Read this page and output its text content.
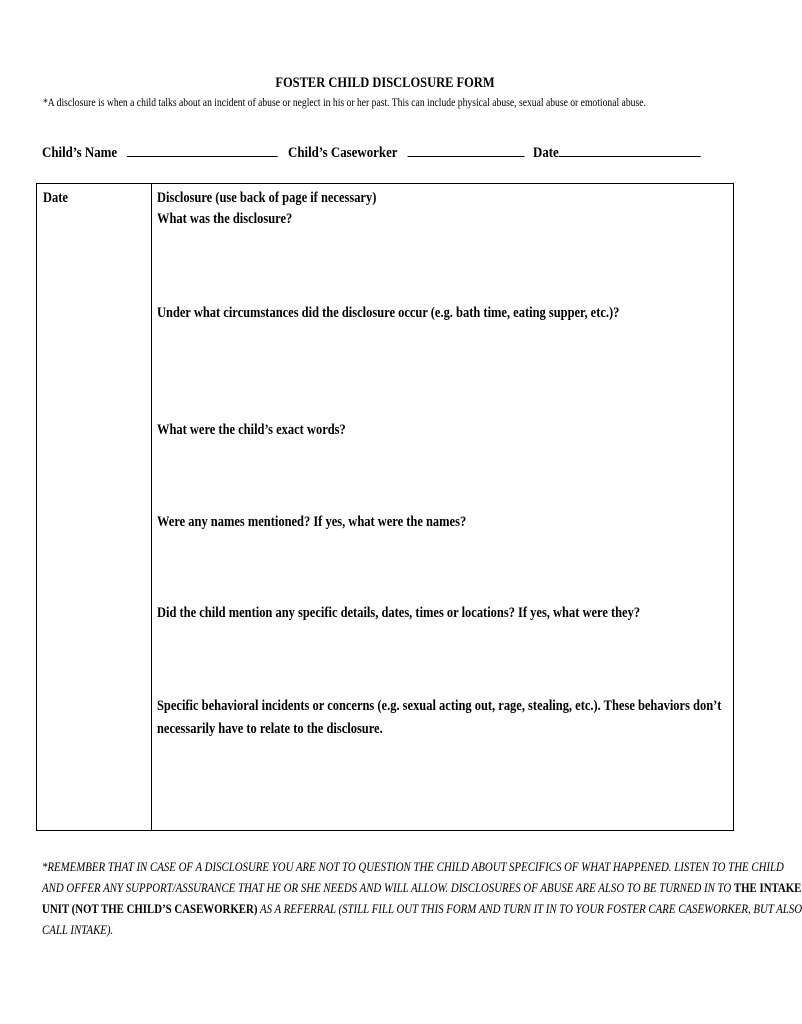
FOSTER CHILD DISCLOSURE FORM
*A disclosure is when a child talks about an incident of abuse or neglect in his or her past. This can include physical abuse, sexual abuse or emotional abuse.
Child’s Name	Child’s Caseworker	Date
Date	Disclosure (use back of page if necessary)
What was the disclosure?
Under what circumstances did the disclosure occur (e.g. bath time, eating supper, etc.)?
What were the child’s exact words?
Were any names mentioned? If yes, what were the names?
Did the child mention any specific details, dates, times or locations? If yes, what were they?
Specific behavioral incidents or concerns (e.g. sexual acting out, rage, stealing, etc.). These behaviors don’t
necessarily have to relate to the disclosure.
*REMEMBER THAT IN CASE OF A DISCLOSURE YOU ARE NOT TO QUESTION THE CHILD ABOUT SPECIFICS OF WHAT HAPPENED. LISTEN TO THE CHILD
AND OFFER ANY SUPPORT/ASSURANCE THAT HE OR SHE NEEDS AND WILL ALLOW. DISCLOSURES OF ABUSE ARE ALSO TO BE TURNED IN TO THE INTAKE
UNIT (NOT THE CHILD’S CASEWORKER) AS A REFERRAL (STILL FILL OUT THIS FORM AND TURN IT IN TO YOUR FOSTER CARE CASEWORKER, BUT ALSO
CALL INTAKE).
